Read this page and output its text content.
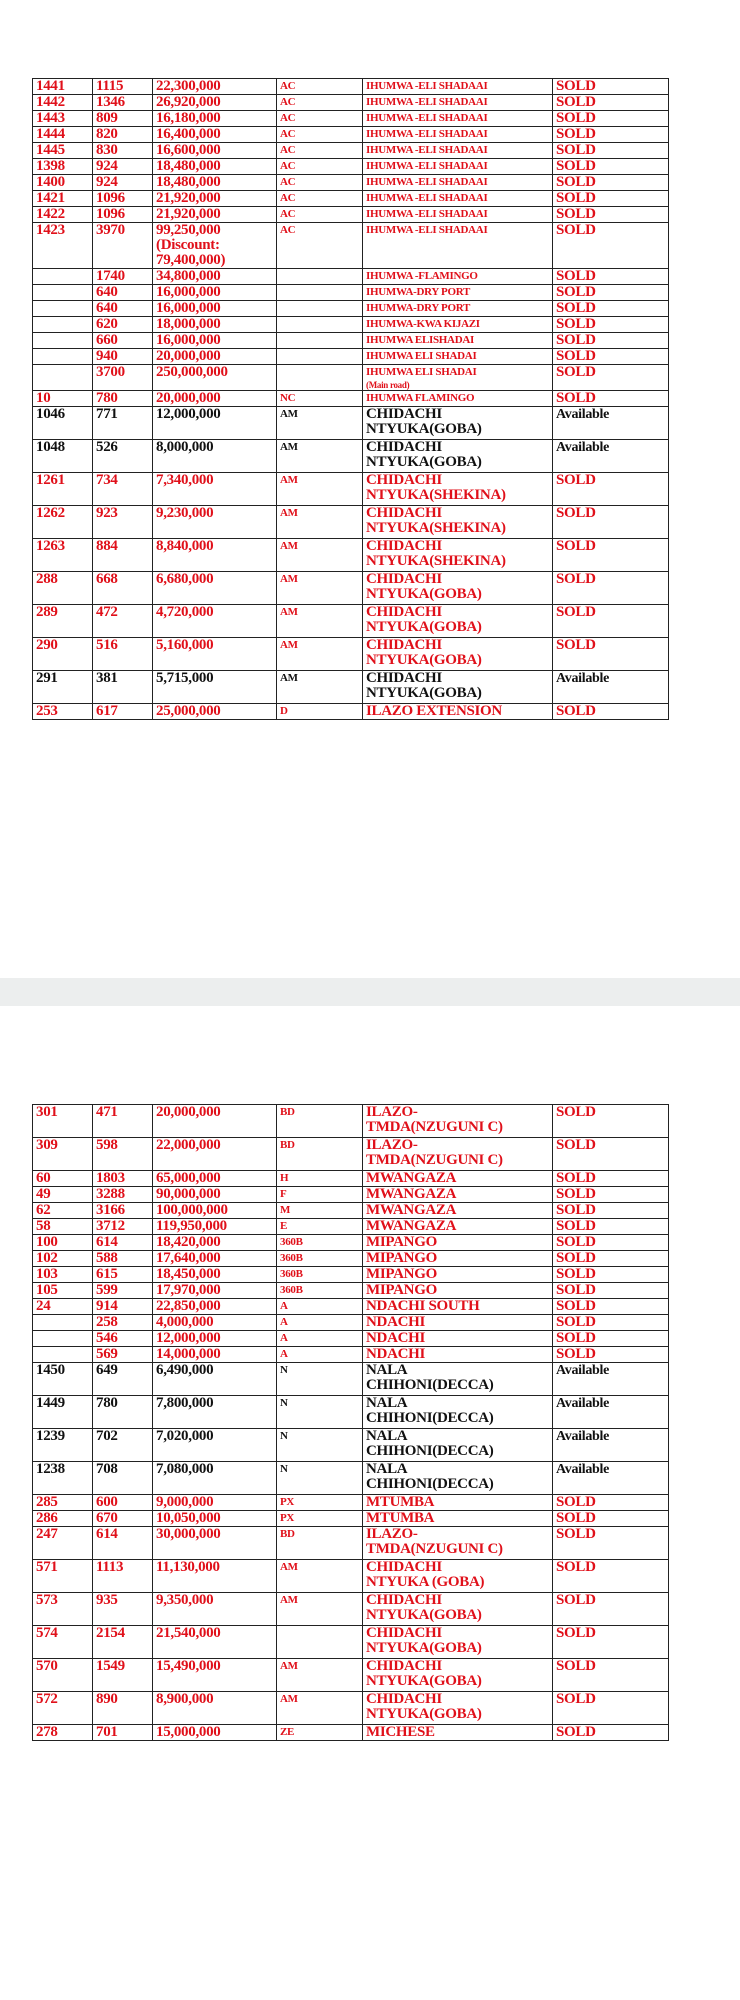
1441	1115	22,300,000	AC	IHUMWA -ELI SHADAAI	SOLD
1442	1346	26,920,000	AC	IHUMWA -ELI SHADAAI	SOLD
1443	809	16,180,000	AC	IHUMWA -ELI SHADAAI	SOLD
1444	820	16,400,000	AC	IHUMWA -ELI SHADAAI	SOLD
1445	830	16,600,000	AC	IHUMWA -ELI SHADAAI	SOLD
1398	924	18,480,000	AC	IHUMWA -ELI SHADAAI	SOLD
1400	924	18,480,000	AC	IHUMWA -ELI SHADAAI	SOLD
1421	1096	21,920,000	AC	IHUMWA -ELI SHADAAI	SOLD
1422	1096	21,920,000	AC	IHUMWA -ELI SHADAAI	SOLD
1423	3970	99,250,000
(Discount:
79,400,000)	AC	IHUMWA -ELI SHADAAI	SOLD
	1740	34,800,000		IHUMWA -FLAMINGO	SOLD
	640	16,000,000		IHUMWA-DRY PORT	SOLD
	640	16,000,000		IHUMWA-DRY PORT	SOLD
	620	18,000,000		IHUMWA-KWA KIJAZI	SOLD
	660	16,000,000		IHUMWA ELISHADAI	SOLD
	940	20,000,000		IHUMWA ELI SHADAI	SOLD
	3700	250,000,000		IHUMWA ELI SHADAI
(Main road)	SOLD
10	780	20,000,000	NC	IHUMWA FLAMINGO	SOLD
1046	771	12,000,000	AM	CHIDACHI
NTYUKA(GOBA)	Available
1048	526	8,000,000	AM	CHIDACHI
NTYUKA(GOBA)	Available
1261	734	7,340,000	AM	CHIDACHI
NTYUKA(SHEKINA)	SOLD
1262	923	9,230,000	AM	CHIDACHI
NTYUKA(SHEKINA)	SOLD
1263	884	8,840,000	AM	CHIDACHI
NTYUKA(SHEKINA)	SOLD
288	668	6,680,000	AM	CHIDACHI
NTYUKA(GOBA)	SOLD
289	472	4,720,000	AM	CHIDACHI
NTYUKA(GOBA)	SOLD
290	516	5,160,000	AM	CHIDACHI
NTYUKA(GOBA)	SOLD
291	381	5,715,000	AM	CHIDACHI
NTYUKA(GOBA)	Available
253	617	25,000,000	D	ILAZO EXTENSION	SOLD
301	471	20,000,000	BD	ILAZO-
TMDA(NZUGUNI C)	SOLD
309	598	22,000,000	BD	ILAZO-
TMDA(NZUGUNI C)	SOLD
60	1803	65,000,000	H	MWANGAZA	SOLD
49	3288	90,000,000	F	MWANGAZA	SOLD
62	3166	100,000,000	M	MWANGAZA	SOLD
58	3712	119,950,000	E	MWANGAZA	SOLD
100	614	18,420,000	360B	MIPANGO	SOLD
102	588	17,640,000	360B	MIPANGO	SOLD
103	615	18,450,000	360B	MIPANGO	SOLD
105	599	17,970,000	360B	MIPANGO	SOLD
24	914	22,850,000	A	NDACHI SOUTH	SOLD
	258	4,000,000	A	NDACHI	SOLD
	546	12,000,000	A	NDACHI	SOLD
	569	14,000,000	A	NDACHI	SOLD
1450	649	6,490,000	N	NALA
CHIHONI(DECCA)	Available
1449	780	7,800,000	N	NALA
CHIHONI(DECCA)	Available
1239	702	7,020,000	N	NALA
CHIHONI(DECCA)	Available
1238	708	7,080,000	N	NALA
CHIHONI(DECCA)	Available
285	600	9,000,000	PX	MTUMBA	SOLD
286	670	10,050,000	PX	MTUMBA	SOLD
247	614	30,000,000	BD	ILAZO-
TMDA(NZUGUNI C)	SOLD
571	1113	11,130,000	AM	CHIDACHI
NTYUKA (GOBA)	SOLD
573	935	9,350,000	AM	CHIDACHI
NTYUKA(GOBA)	SOLD
574	2154	21,540,000		CHIDACHI
NTYUKA(GOBA)	SOLD
570	1549	15,490,000	AM	CHIDACHI
NTYUKA(GOBA)	SOLD
572	890	8,900,000	AM	CHIDACHI
NTYUKA(GOBA)	SOLD
278	701	15,000,000	ZE	MICHESE	SOLD
